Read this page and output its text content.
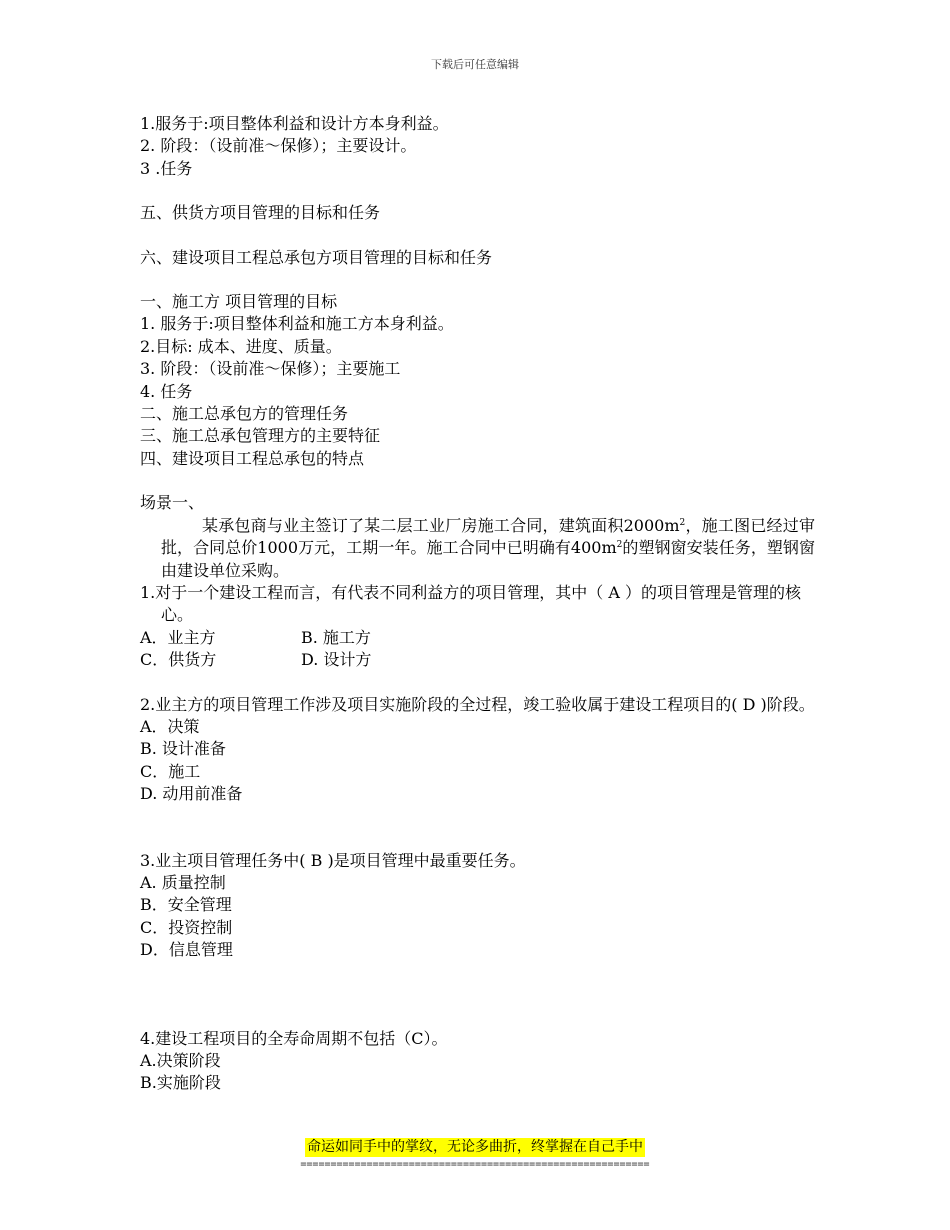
下载后可任意编辑
1.服务于:项目整体利益和设计方本身利益。
2. 阶段：（设前准～保修）；主要设计。
3 .任务
五、供货方项目管理的目标和任务
六、建设项目工程总承包方项目管理的目标和任务
一、施工方 项目管理的目标
1. 服务于:项目整体利益和施工方本身利益。
2.目标: 成本、进度、质量。
3. 阶段：（设前准～保修）；主要施工
4. 任务
二、施工总承包方的管理任务
三、施工总承包管理方的主要特征
四、建设项目工程总承包的特点
场景一、
某承包商与业主签订了某二层工业厂房施工合同，建筑面积$2000m^2$，施工图已经过审批，合同总价1000万元，工期一年。施工合同中已明确有$400m^2$的塑钢窗安装任务，塑钢窗由建设单位采购。
1.对于一个建设工程而言，有代表不同利益方的项目管理，其中（ A ）的项目管理是管理的核心。
A．业主方	B. 施工方
C．供货方	D. 设计方
2.业主方的项目管理工作涉及项目实施阶段的全过程，竣工验收属于建设工程项目的( D )阶段。
A．决策
B. 设计准备
C．施工
D. 动用前准备
3.业主项目管理任务中( B )是项目管理中最重要任务。
A. 质量控制
B．安全管理
C．投资控制
D．信息管理
4.建设工程项目的全寿命周期不包括（C）。
A.决策阶段
B.实施阶段
命运如同手中的掌纹，无论多曲折，终掌握在自己手中
==========================================================
